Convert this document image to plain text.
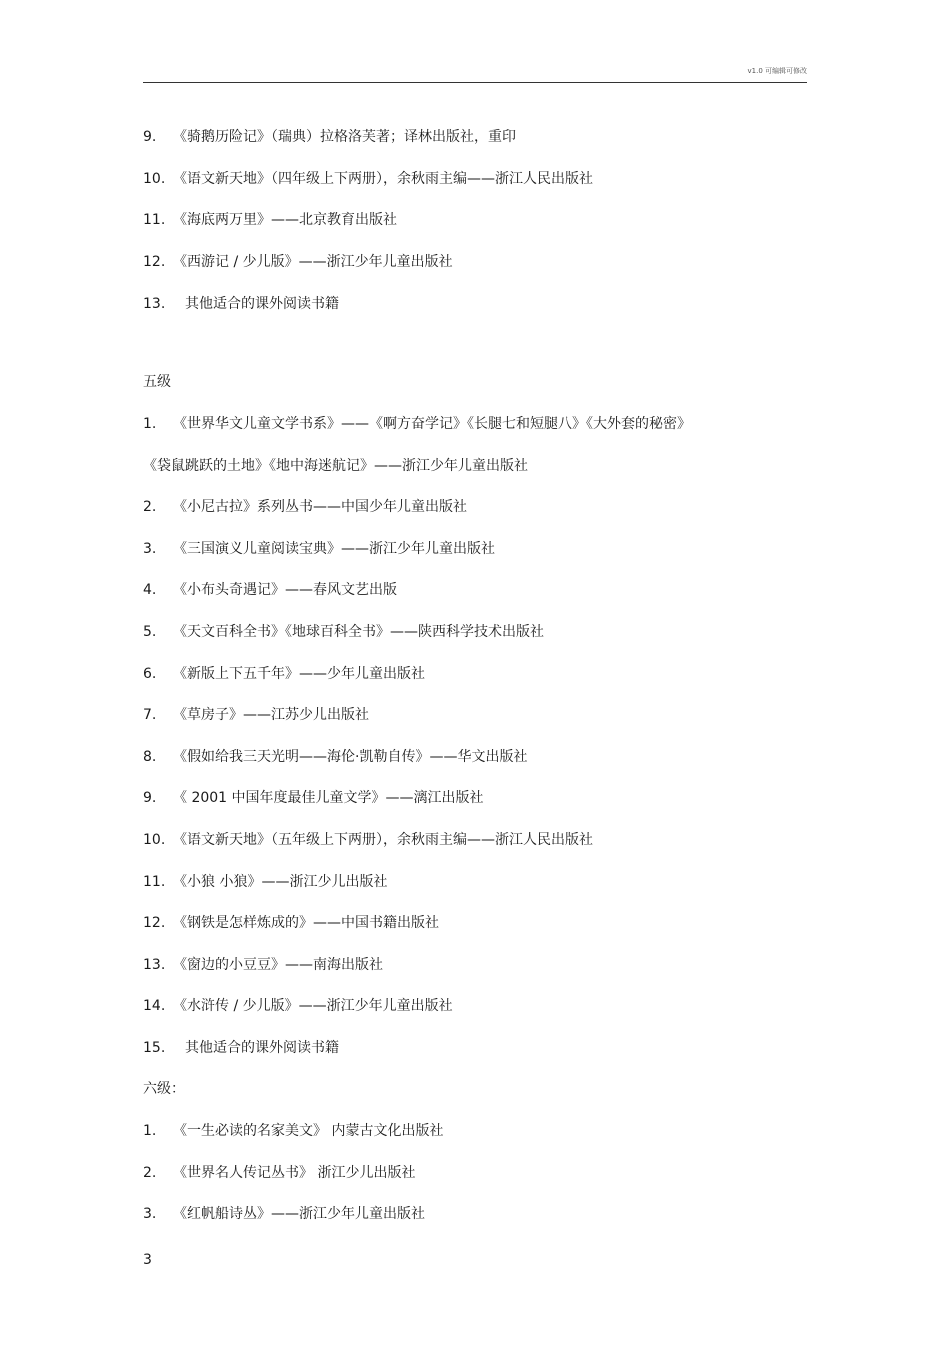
v1.0 可编辑可修改
9. 《骑鹅历险记》（瑞典）拉格洛芙著；译林出版社，重印
10. 《语文新天地》（四年级上下两册），余秋雨主编——浙江人民出版社
11. 《海底两万里》——北京教育出版社
12. 《西游记 / 少儿版》——浙江少年儿童出版社
13. 其他适合的课外阅读书籍
五级
1. 《世界华文儿童文学书系》——《啊方奋学记》《长腿七和短腿八》《大外套的秘密》
《袋鼠跳跃的土地》《地中海迷航记》——浙江少年儿童出版社
2. 《小尼古拉》系列丛书——中国少年儿童出版社
3. 《三国演义儿童阅读宝典》——浙江少年儿童出版社
4. 《小布头奇遇记》——春风文艺出版
5. 《天文百科全书》《地球百科全书》——陕西科学技术出版社
6. 《新版上下五千年》——少年儿童出版社
7. 《草房子》——江苏少儿出版社
8. 《假如给我三天光明——海伦·凯勒自传》——华文出版社
9. 《 2001 中国年度最佳儿童文学》——漓江出版社
10. 《语文新天地》（五年级上下两册），余秋雨主编——浙江人民出版社
11. 《小狼 小狼》——浙江少儿出版社
12. 《钢铁是怎样炼成的》——中国书籍出版社
13. 《窗边的小豆豆》——南海出版社
14. 《水浒传 / 少儿版》——浙江少年儿童出版社
15. 其他适合的课外阅读书籍
六级：
1. 《一生必读的名家美文》 内蒙古文化出版社
2. 《世界名人传记丛书》 浙江少儿出版社
3. 《红帆船诗丛》——浙江少年儿童出版社
3
